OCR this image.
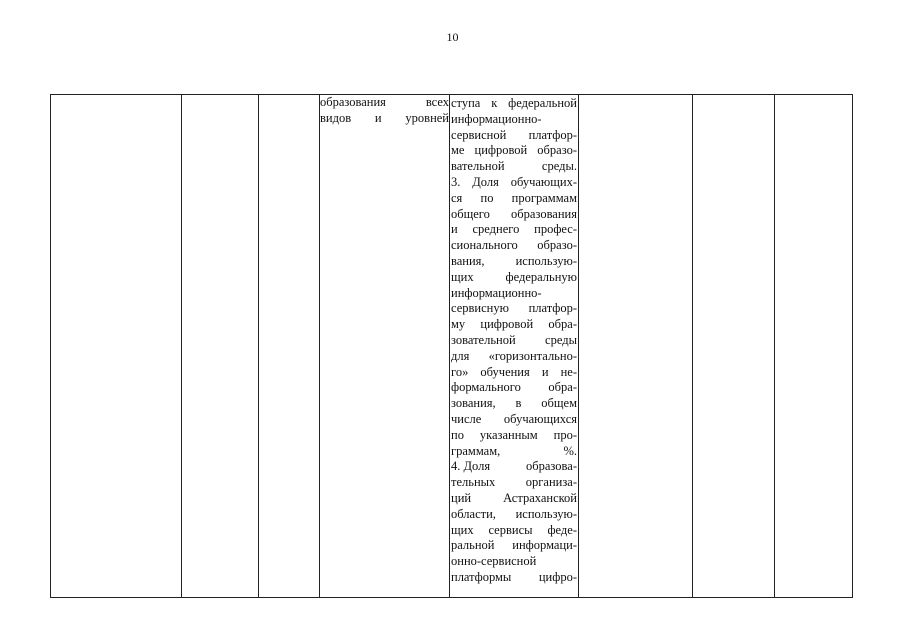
10

образования	всех
видов и уровней

ступа к федеральной
информационно-
сервисной платфор-
ме цифровой образо-
вательной среды.
3. Доля обучающих-
ся по программам
общего образования
и среднего профес-
сионального образо-
вания, использую-
щих	федеральную
информационно-
сервисную платфор-
му цифровой обра-
зовательной среды
для «горизонтально-
го» обучения и не-
формального обра-
зования, в общем
числе обучающихся
по указанным про-
граммам, %.
4. Доля	образова-
тельных организа-
ций	Астраханской
области, использую-
щих сервисы феде-
ральной информаци-
онно-сервисной
платформы цифро-
